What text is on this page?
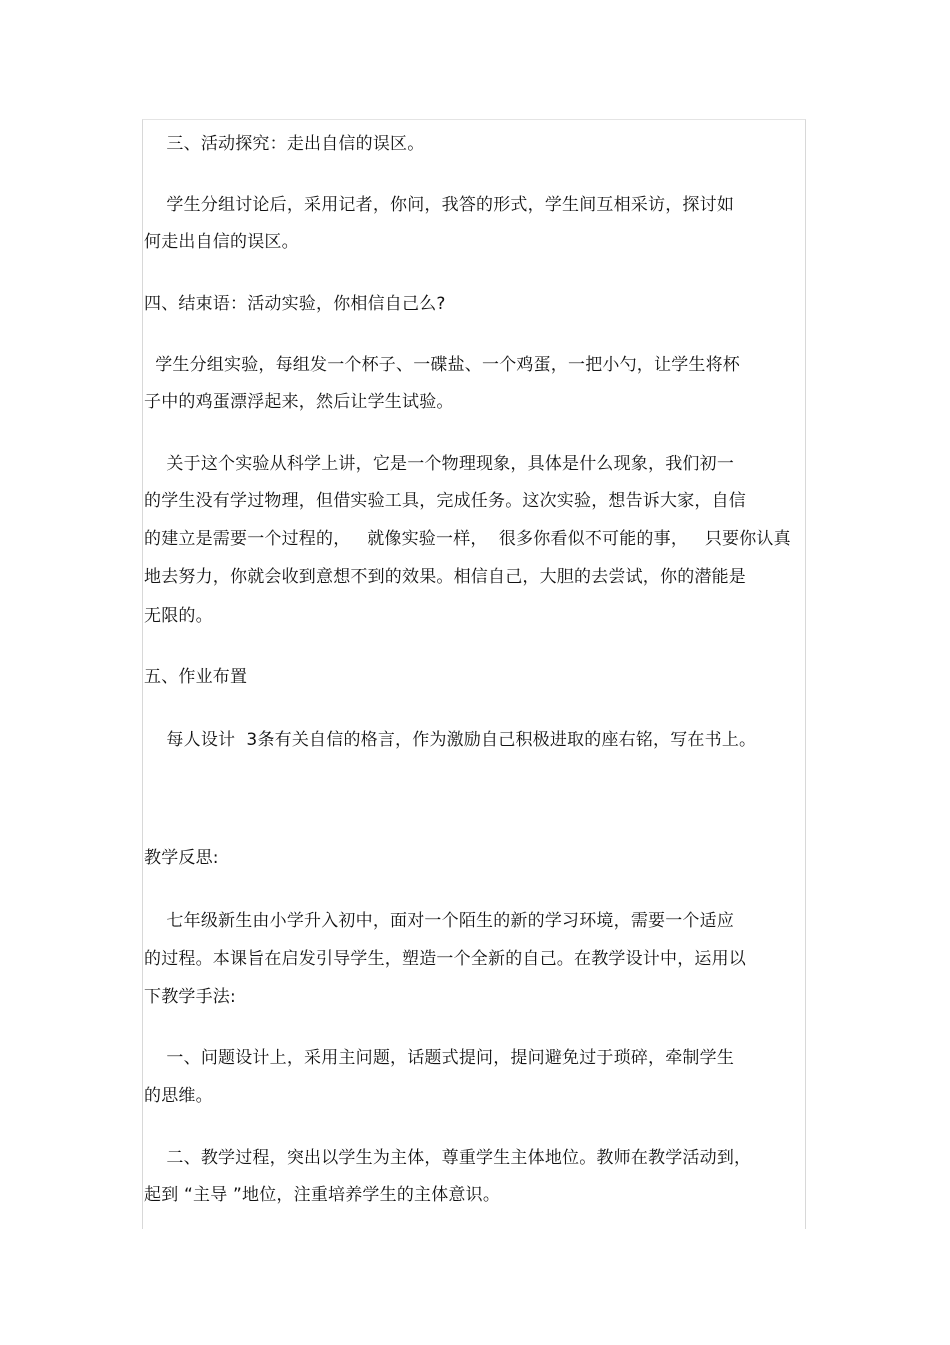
三、活动探究：走出自信的误区。
学生分组讨论后，采用记者，你问，我答的形式，学生间互相采访，探讨如
何走出自信的误区。
四、结束语：活动实验，你相信自己么?
学生分组实验，每组发一个杯子、一碟盐、一个鸡蛋，一把小勺，让学生将杯
子中的鸡蛋漂浮起来，然后让学生试验。
关于这个实验从科学上讲，它是一个物理现象，具体是什么现象，我们初一
的学生没有学过物理，但借实验工具，完成任务。这次实验，想告诉大家，自信
的建立是需要一个过程的，   就像实验一样，  很多你看似不可能的事，   只要你认真
地去努力，你就会收到意想不到的效果。相信自己，大胆的去尝试，你的潜能是
无限的。
五、作业布置
每人设计  3条有关自信的格言，作为激励自己积极进取的座右铭，写在书上。
教学反思:
七年级新生由小学升入初中，面对一个陌生的新的学习环境，需要一个适应
的过程。本课旨在启发引导学生，塑造一个全新的自己。在教学设计中，运用以
下教学手法:
一、问题设计上，采用主问题，话题式提问，提问避免过于琐碎，牵制学生
的思维。
二、教学过程，突出以学生为主体，尊重学生主体地位。教师在教学活动到，
起到 “主导 ”地位，注重培养学生的主体意识。
